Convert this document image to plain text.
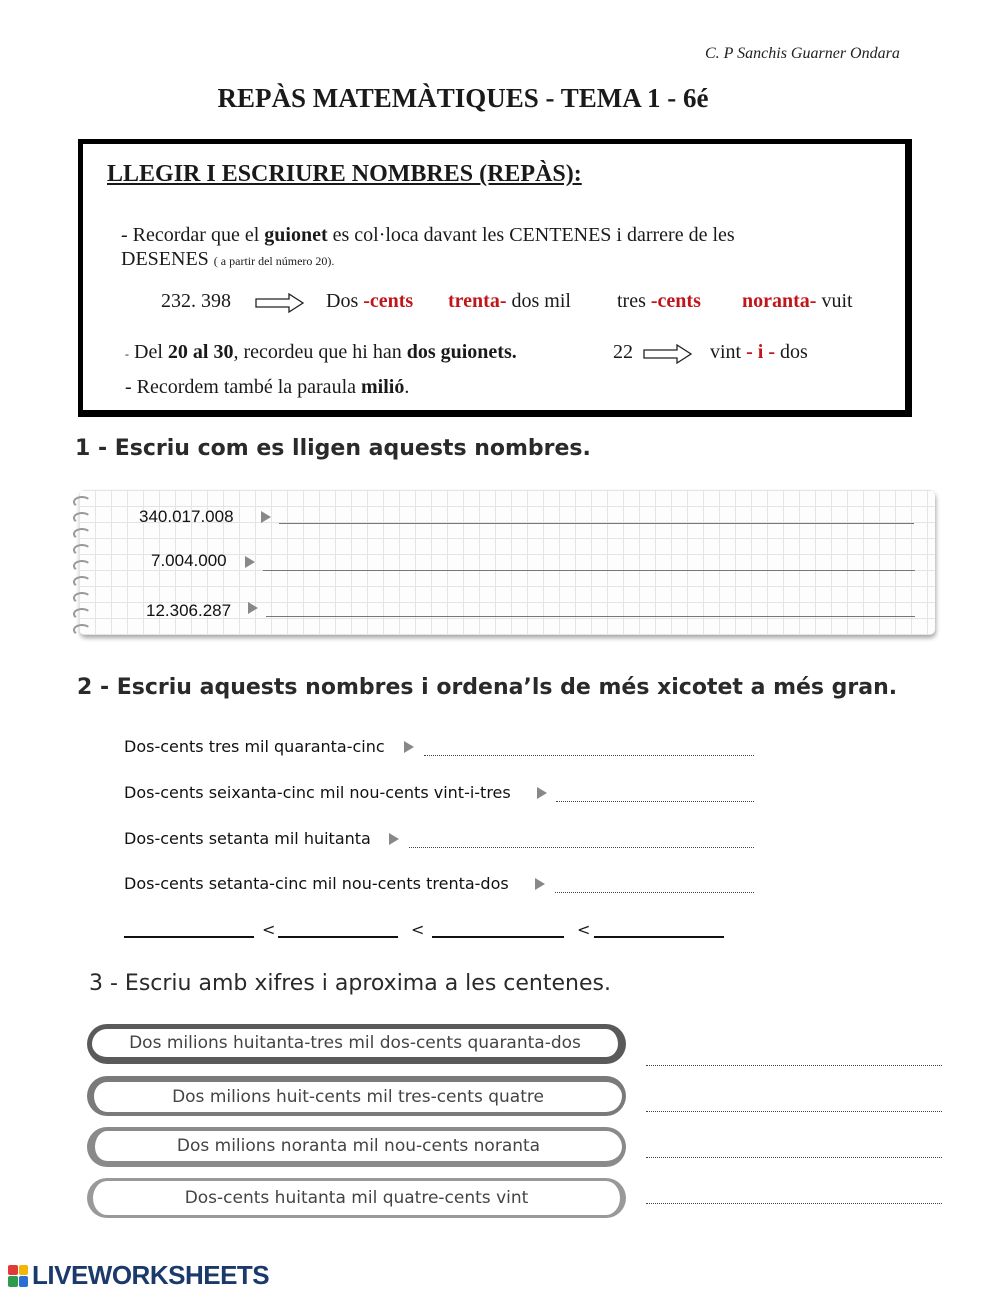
C. P Sanchis Guarner Ondara
REPÀS MATEMÀTIQUES - TEMA 1 - 6é
LLEGIR I ESCRIURE NOMBRES (REPÀS):
- Recordar que el guionet es col·loca davant les CENTENES i darrere de les
DESENES ( a partir del número 20).
232. 398	Dos -cents trenta- dos mil tres -cents noranta- vuit
- Del 20 al 30, recordeu que hi han dos guionets.	22	vint - i - dos
- Recordem també la paraula milió.
1 - Escriu com es lligen aquests nombres.
340.017.008
7.004.000
12.306.287
2 - Escriu aquests nombres i ordena’ls de més xicotet a més gran.
Dos-cents tres mil quaranta-cinc
Dos-cents seixanta-cinc mil nou-cents vint-i-tres
Dos-cents setanta mil huitanta
Dos-cents setanta-cinc mil nou-cents trenta-dos
<	<	<
3 - Escriu amb xifres i aproxima a les centenes.
Dos milions huitanta-tres mil dos-cents quaranta-dos
Dos milions huit-cents mil tres-cents quatre
Dos milions noranta mil nou-cents noranta
Dos-cents huitanta mil quatre-cents vint
LIVEWORKSHEETS
